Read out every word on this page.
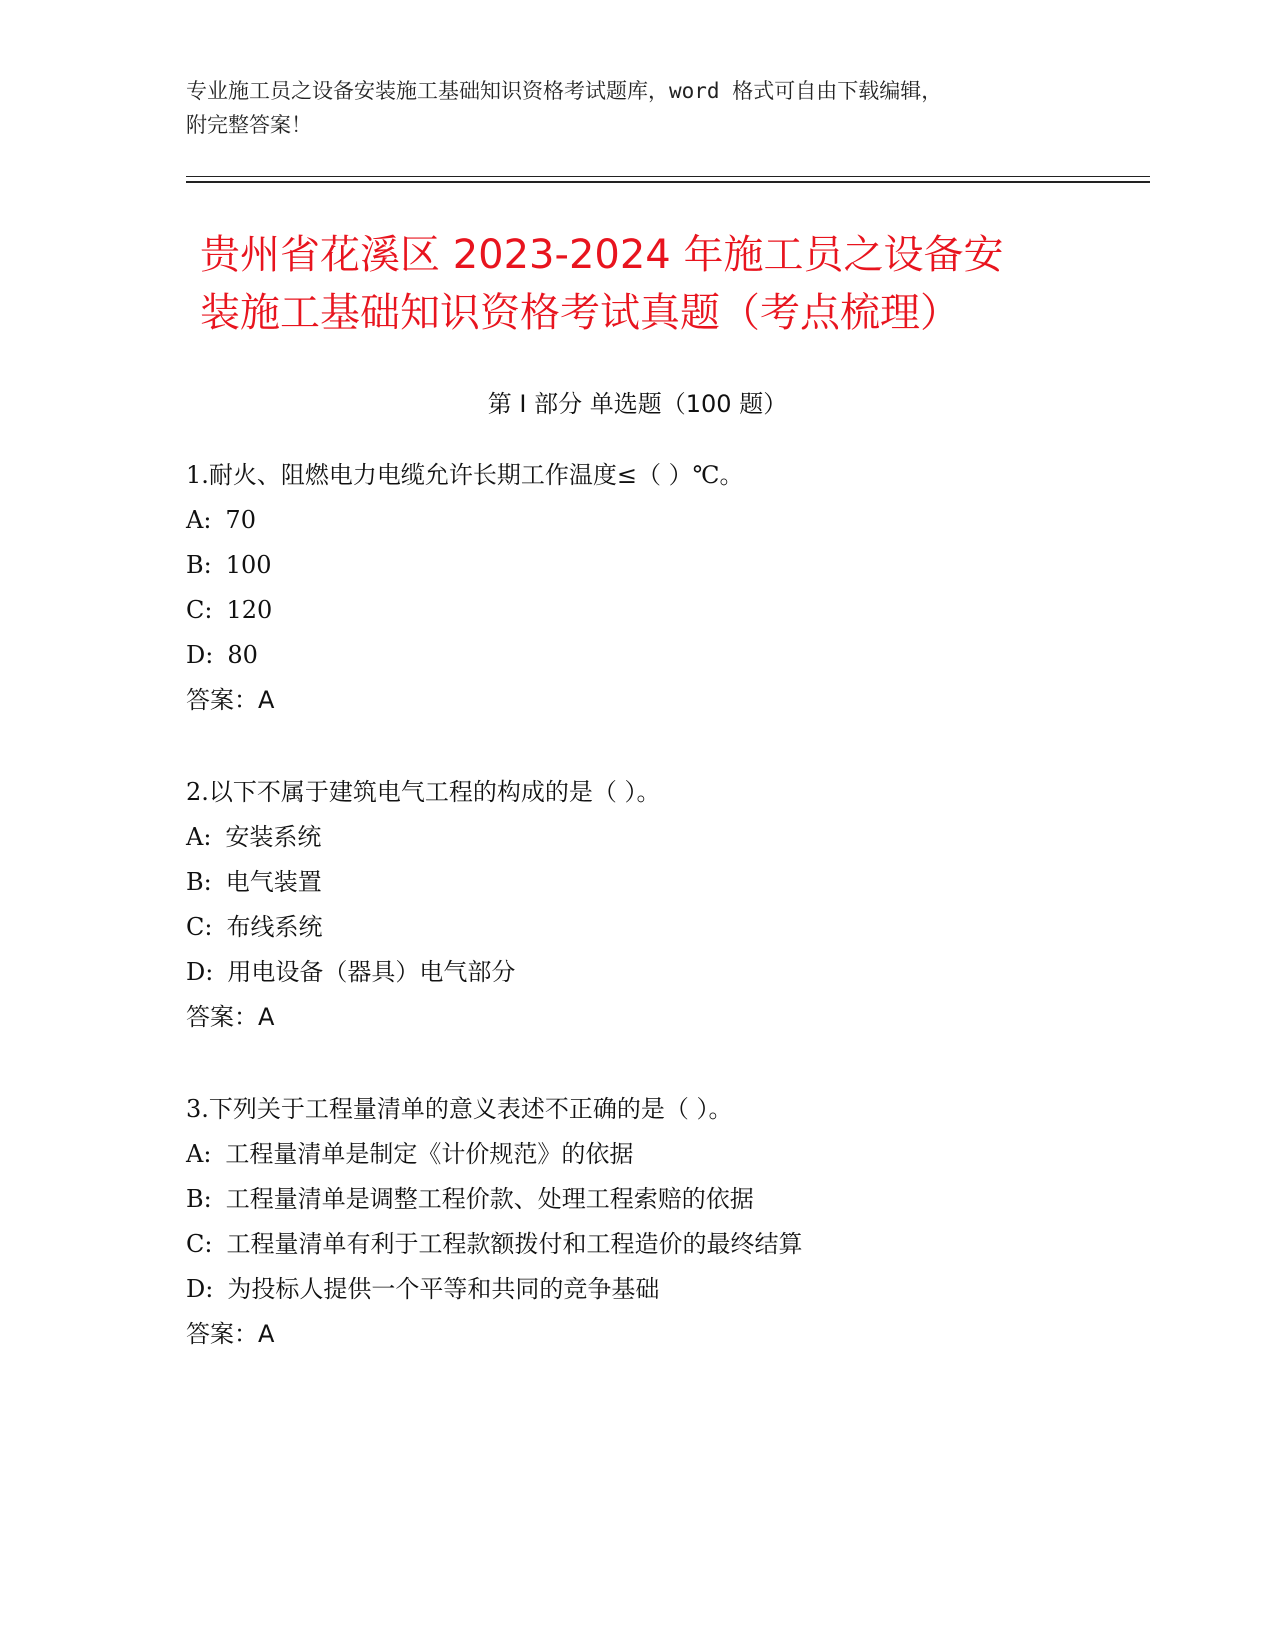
专业施工员之设备安装施工基础知识资格考试题库，word 格式可自由下载编辑，
附完整答案！
贵州省花溪区 2023-2024 年施工员之设备安
装施工基础知识资格考试真题（考点梳理）
第 I 部分 单选题（100 题）
1.耐火、阻燃电力电缆允许长期工作温度≤（ ）℃。
A: 70
B: 100
C: 120
D: 80
答案：A
2.以下不属于建筑电气工程的构成的是（ ）。
A: 安装系统
B: 电气装置
C: 布线系统
D: 用电设备（器具）电气部分
答案：A
3.下列关于工程量清单的意义表述不正确的是（ ）。
A: 工程量清单是制定《计价规范》的依据
B: 工程量清单是调整工程价款、处理工程索赔的依据
C: 工程量清单有利于工程款额拨付和工程造价的最终结算
D: 为投标人提供一个平等和共同的竞争基础
答案：A
